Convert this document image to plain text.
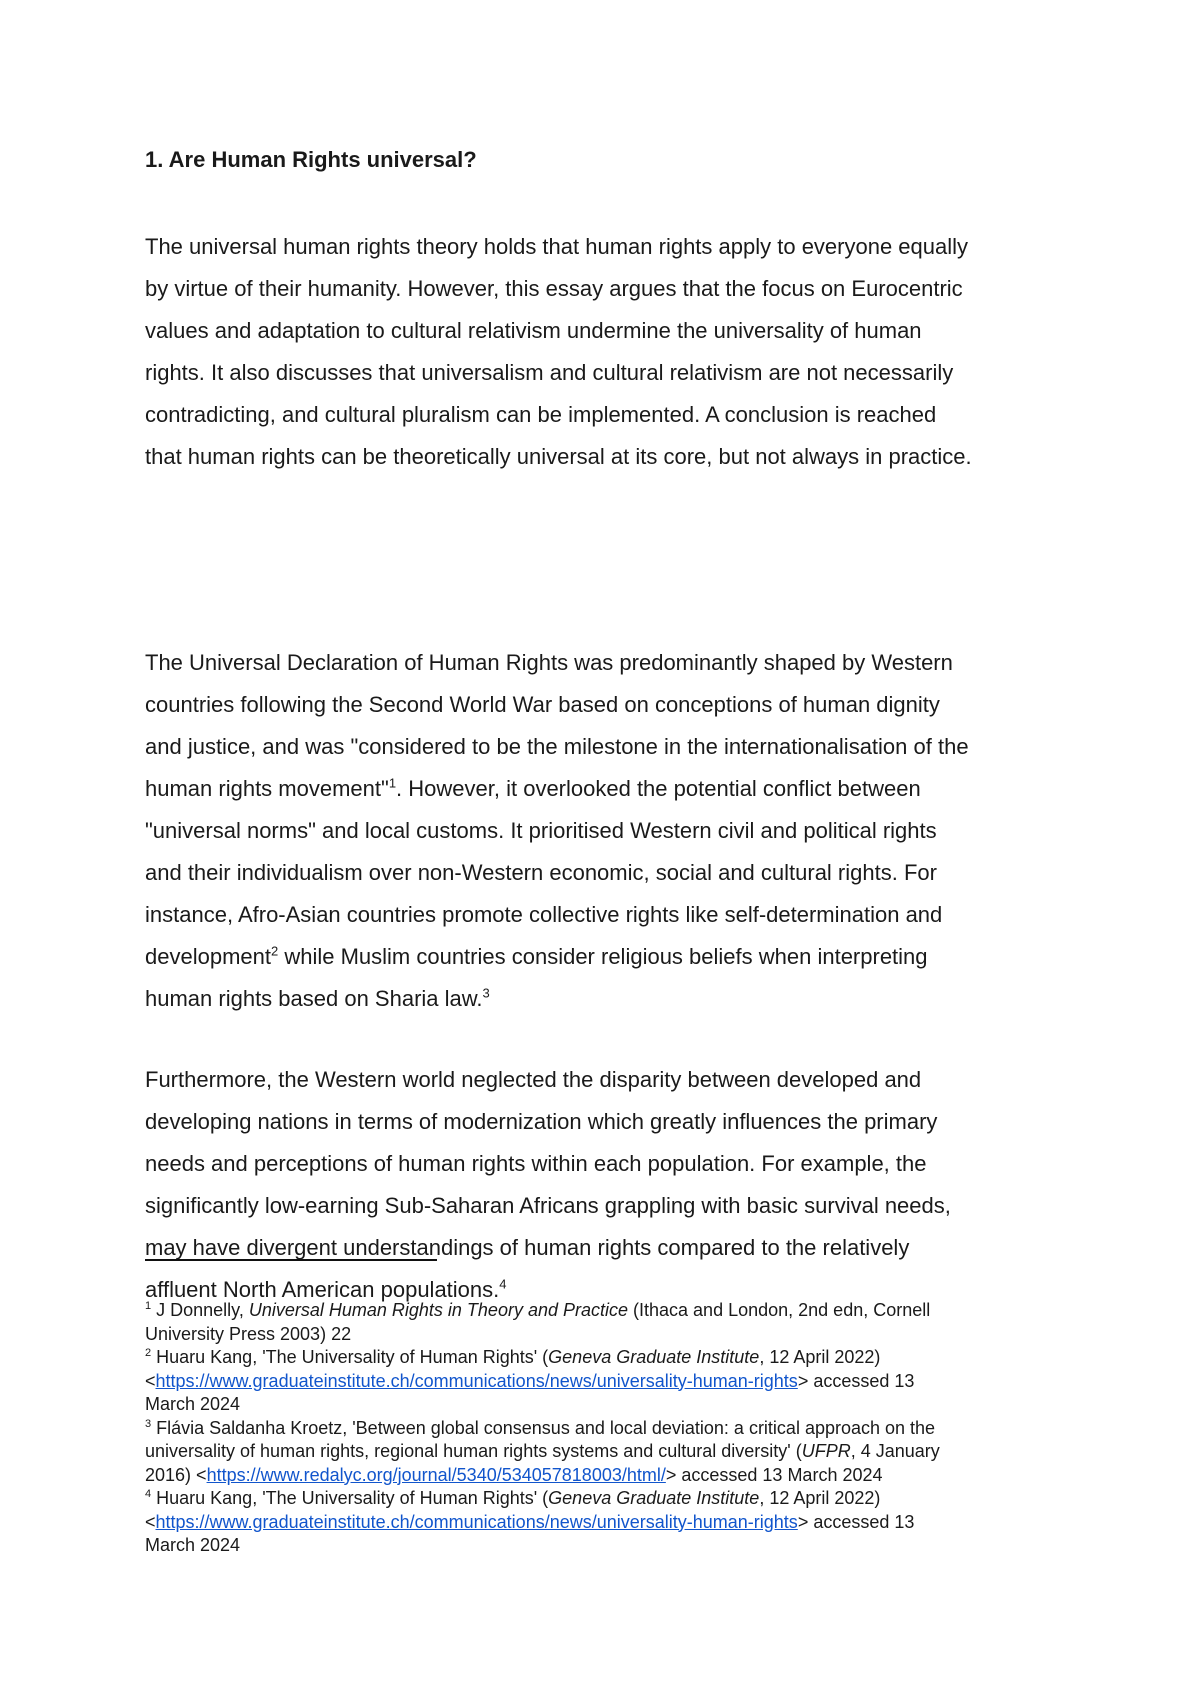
1. Are Human Rights universal?

The universal human rights theory holds that human rights apply to everyone equally
by virtue of their humanity. However, this essay argues that the focus on Eurocentric
values and adaptation to cultural relativism undermine the universality of human
rights. It also discusses that universalism and cultural relativism are not necessarily
contradicting, and cultural pluralism can be implemented. A conclusion is reached
that human rights can be theoretically universal at its core, but not always in practice.

The Universal Declaration of Human Rights was predominantly shaped by Western
countries following the Second World War based on conceptions of human dignity
and justice, and was "considered to be the milestone in the internationalisation of the
human rights movement"$^1$. However, it overlooked the potential conflict between
"universal norms" and local customs. It prioritised Western civil and political rights
and their individualism over non-Western economic, social and cultural rights. For
instance, Afro-Asian countries promote collective rights like self-determination and
development$^2$ while Muslim countries consider religious beliefs when interpreting
human rights based on Sharia law.$^3$

Furthermore, the Western world neglected the disparity between developed and
developing nations in terms of modernization which greatly influences the primary
needs and perceptions of human rights within each population. For example, the
significantly low-earning Sub-Saharan Africans grappling with basic survival needs,
may have divergent understandings of human rights compared to the relatively
affluent North American populations.$^4$

$^1$ J Donnelly, Universal Human Rights in Theory and Practice (Ithaca and London, 2nd edn, Cornell
University Press 2003) 22
$^2$ Huaru Kang, 'The Universality of Human Rights' (Geneva Graduate Institute, 12 April 2022)
<https://www.graduateinstitute.ch/communications/news/universality-human-rights> accessed 13
March 2024
$^3$ Flávia Saldanha Kroetz, 'Between global consensus and local deviation: a critical approach on the
universality of human rights, regional human rights systems and cultural diversity' (UFPR, 4 January
2016) <https://www.redalyc.org/journal/5340/534057818003/html/> accessed 13 March 2024
$^4$ Huaru Kang, 'The Universality of Human Rights' (Geneva Graduate Institute, 12 April 2022)
<https://www.graduateinstitute.ch/communications/news/universality-human-rights> accessed 13
March 2024
